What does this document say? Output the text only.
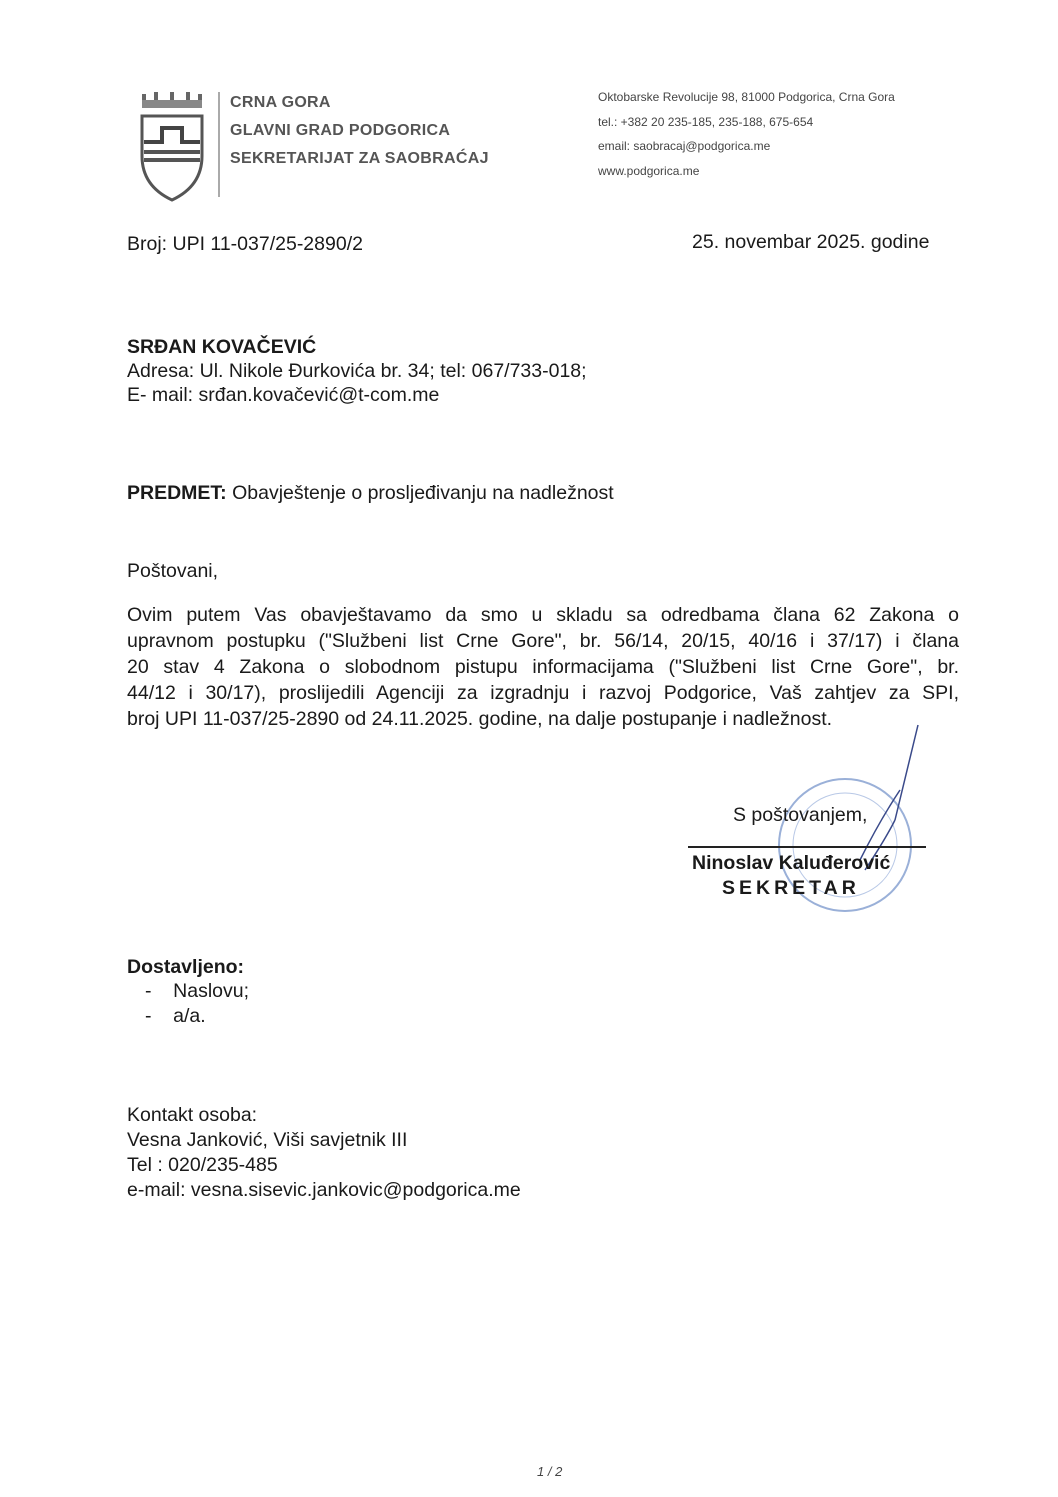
CRNA GORA
GLAVNI GRAD PODGORICA
SEKRETARIJAT ZA SAOBRAĆAJ
Oktobarske Revolucije 98, 81000 Podgorica, Crna Gora
tel.: +382 20 235-185, 235-188, 675-654
email: saobracaj@podgorica.me
www.podgorica.me
Broj: UPI 11-037/25-2890/2	25. novembar 2025. godine
SRĐAN KOVAČEVIĆ
Adresa: Ul. Nikole Đurkovića br. 34; tel: 067/733-018;
E- mail: srđan.kovačević@t-com.me
PREDMET: Obavještenje o prosljeđivanju na nadležnost
Poštovani,
Ovim putem Vas obavještavamo da smo u skladu sa odredbama člana 62 Zakona o
upravnom postupku ("Službeni list Crne Gore", br. 56/14, 20/15, 40/16 i 37/17) i člana
20 stav 4 Zakona o slobodnom pistupu informacijama ("Službeni list Crne Gore", br.
44/12 i 30/17), proslijedili Agenciji za izgradnju i razvoj Podgorice, Vaš zahtjev za SPI,
broj UPI 11-037/25-2890 od 24.11.2025. godine, na dalje postupanje i nadležnost.
S poštovanjem,
Ninoslav Kaluđerović
SEKRETAR
Dostavljeno:
-    Naslovu;
-    a/a.
Kontakt osoba:
Vesna Janković, Viši savjetnik III
Tel : 020/235-485
e-mail: vesna.sisevic.jankovic@podgorica.me
1 / 2
